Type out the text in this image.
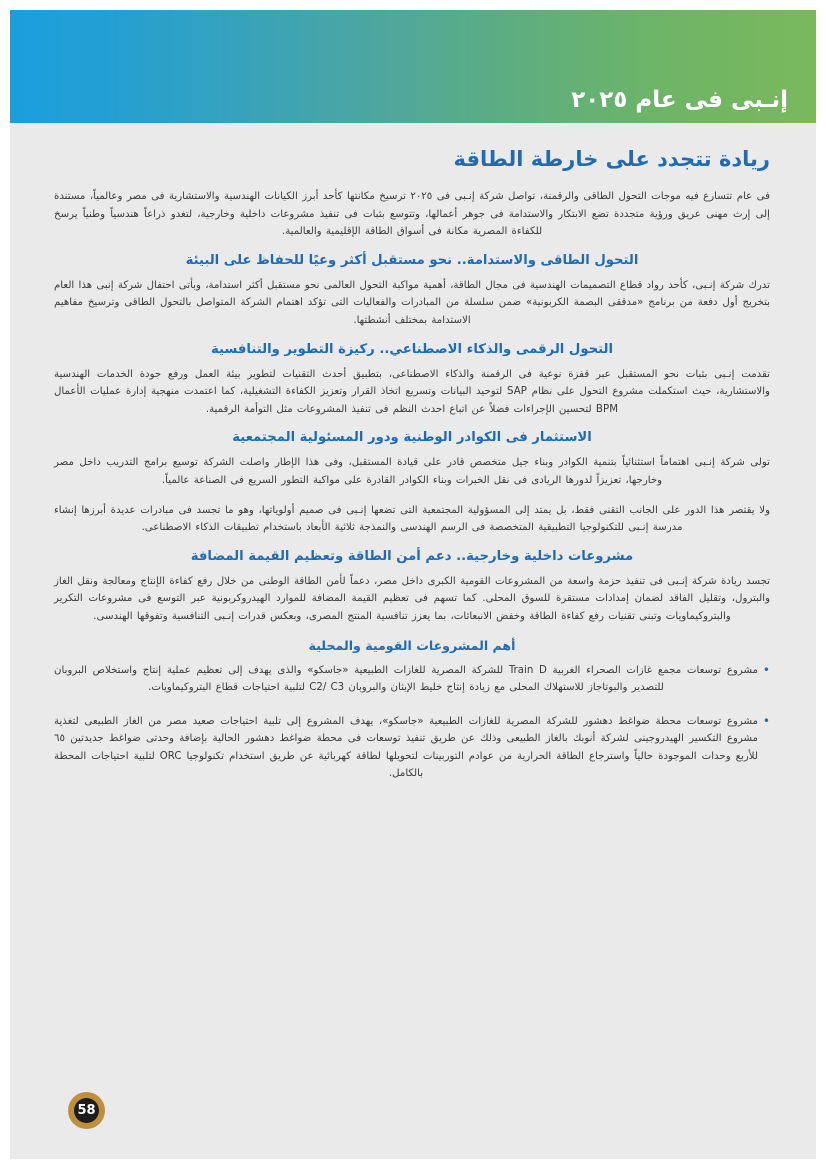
إنـبى فى عام ٢٠٢٥
ريادة تتجدد على خارطة الطاقة

فى عام تتسارع فيه موجات التحول الطاقى والرقمنة، تواصل شركة إنـبى فى ٢٠٢٥ ترسيخ مكانتها كأحد أبرز الكيانات الهندسية والاستشارية فى مصر وعالمياً، مستندة إلى إرث مهنى عريق ورؤية متجددة تضع الابتكار والاستدامة فى جوهر أعمالها، وتتوسع بثبات فى تنفيذ مشروعات داخلية وخارجية، لتغدو ذراعاً هندسياً وطنياً يرسخ للكفاءة المصرية مكانة فى أسواق الطاقة الإقليمية والعالمية.

التحول الطاقى والاستدامة.. نحو مستقبل أكثر وعيًا للحفاظ على البيئة

تدرك شركة إنـبى، كأحد رواد قطاع التصميمات الهندسية فى مجال الطاقة، أهمية مواكبة التحول العالمى نحو مستقبل أكثر استدامة، وبأتى احتفال شركة إنبى هذا العام بتخريج أول دفعة من برنامج «مدققى البصمة الكربونية» ضمن سلسلة من المبادرات والفعاليات التى تؤكد اهتمام الشركة المتواصل بالتحول الطاقى وترسيخ مفاهيم الاستدامة بمختلف أنشطتها.

التحول الرقمى والذكاء الاصطناعي.. ركيزة التطوير والتنافسية

تقدمت إنـبى بثبات نحو المستقبل عبر قفزة نوعية فى الرقمنة والذكاء الاصطناعى، بتطبيق أحدث التقنيات لتطوير بيئة العمل ورفع جودة الخدمات الهندسية والاستشارية، حيث استكملت مشروع التحول على نظام SAP لتوحيد البيانات وتسريع اتخاذ القرار وتعزيز الكفاءة التشغيلية، كما اعتمدت منهجية إدارة عمليات الأعمال BPM لتحسين الإجراءات فضلاً عن اتباع احدث النظم فى تنفيذ المشروعات مثل التوأمة الرقمية.

الاستثمار فى الكوادر الوطنية ودور المسئولية المجتمعية

تولى شركة إنـبى اهتماماً استثنائياً بتنمية الكوادر وبناء جيل متخصص قادر على قيادة المستقبل، وفى هذا الإطار واصلت الشركة توسيع برامج التدريب داخل مصر وخارجها، تعزيزاً لدورها الريادى فى نقل الخبرات وبناء الكوادر القادرة على مواكبة التطور السريع فى الصناعة عالمياً.

ولا يقتصر هذا الدور على الجانب التقنى فقط، بل يمتد إلى المسؤولية المجتمعية التى تضعها إنـبى فى صميم أولوياتها، وهو ما تجسد فى مبادرات عديدة أبرزها إنشاء مدرسة إنـبى للتكنولوجيا التطبيقية المتخصصة فى الرسم الهندسى والنمذجة ثلاثية الأبعاد باستخدام تطبيقات الذكاء الاصطناعى.

مشروعات داخلية وخارجية.. دعم أمن الطاقة وتعظيم القيمة المضافة

تجسد ريادة شركة إنـبى فى تنفيذ حزمة واسعة من المشروعات القومية الكبرى داخل مصر، دعماً لأمن الطاقة الوطنى من خلال رفع كفاءة الإنتاج ومعالجة ونقل الغاز والبترول، وتقليل الفاقد لضمان إمدادات مستقرة للسوق المحلى. كما تسهم فى تعظيم القيمة المضافة للموارد الهيدروكربونية عبر التوسع فى مشروعات التكرير والبتروكيماويات وتبنى تقنيات رفع كفاءة الطاقة وخفض الانبعاثات، بما يعزز تنافسية المنتج المصرى، وبعكس قدرات إنـبى التنافسية وتفوقها الهندسى.

أهم المشروعات القومية والمحلية
• مشروع توسعات مجمع غازات الصحراء الغربية Train D للشركة المصرية للغازات الطبيعية «جاسكو» والذى يهدف إلى تعظيم عملية إنتاج واستخلاص البروبان للتصدير والبوتاجاز للاستهلاك المحلى مع زيادة إنتاج خليط الإيثان والبروبان C2/ C3 لتلبية احتياجات قطاع البتروكيماويات.
• مشروع توسعات محطة ضواغط دهشور للشركة المصرية للغازات الطبيعية «جاسكو»، يهدف المشروع إلى تلبية احتياجات صعيد مصر من الغاز الطبيعى لتغذية مشروع التكسير الهيدروجينى لشركة أنوبك بالغاز الطبيعى وذلك عن طريق تنفيذ توسعات فى محطة ضواغط دهشور الحالية بإضافة وحدتى ضواغط جديدتين ٦٥ للأربع وحدات الموجودة حالياً واسترجاع الطاقة الحرارية من عوادم التوربينات لتحويلها لطاقة كهربائية عن طريق استخدام تكنولوجيا ORC لتلبية احتياجات المحطة بالكامل.
58
